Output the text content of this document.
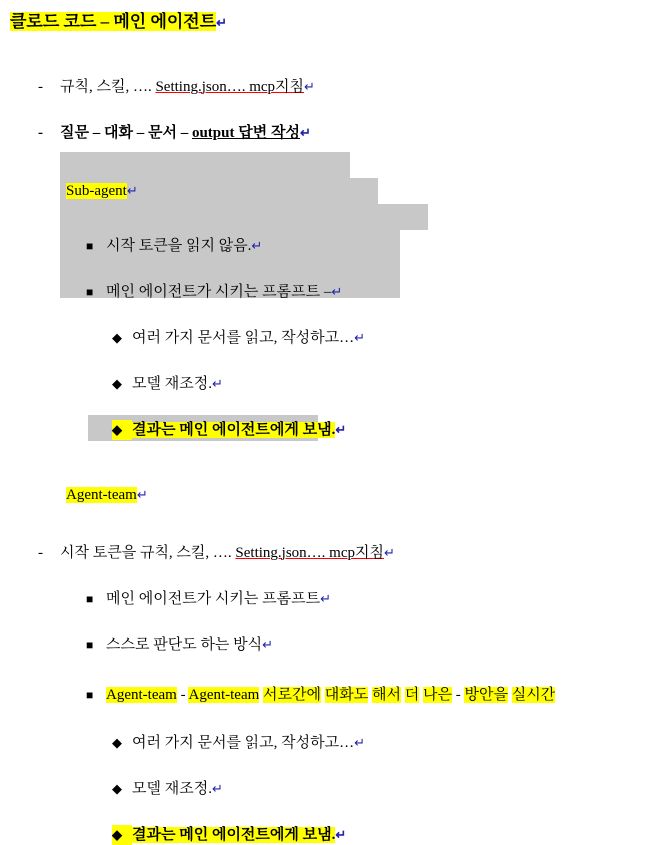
클로드 코드 – 메인 에이전트↵
- 규칙, 스킬, …. Setting.json…. mcp지침↵
- 질문 – 대화 – 문서 – output 답변 작성↵
Sub-agent↵
■ 시작 토큰을 읽지 않음.↵
■ 메인 에이전트가 시키는 프롬프트 –↵
◆ 여러 가지 문서를 읽고, 작성하고…↵
◆ 모델 재조정.↵
◆ 결과는 메인 에이전트에게 보냄.↵
Agent-team↵
- 시작 토큰을 규칙, 스킬, …. Setting.json…. mcp지침↵
■ 메인 에이전트가 시키는 프롬프트↵
■ 스스로 판단도 하는 방식↵
■ Agent-team - Agent-team 서로간에 대화도 해서 더 나은 - 방안을 실시간
◆ 여러 가지 문서를 읽고, 작성하고…↵
◆ 모델 재조정.↵
◆ 결과는 메인 에이전트에게 보냄.↵
